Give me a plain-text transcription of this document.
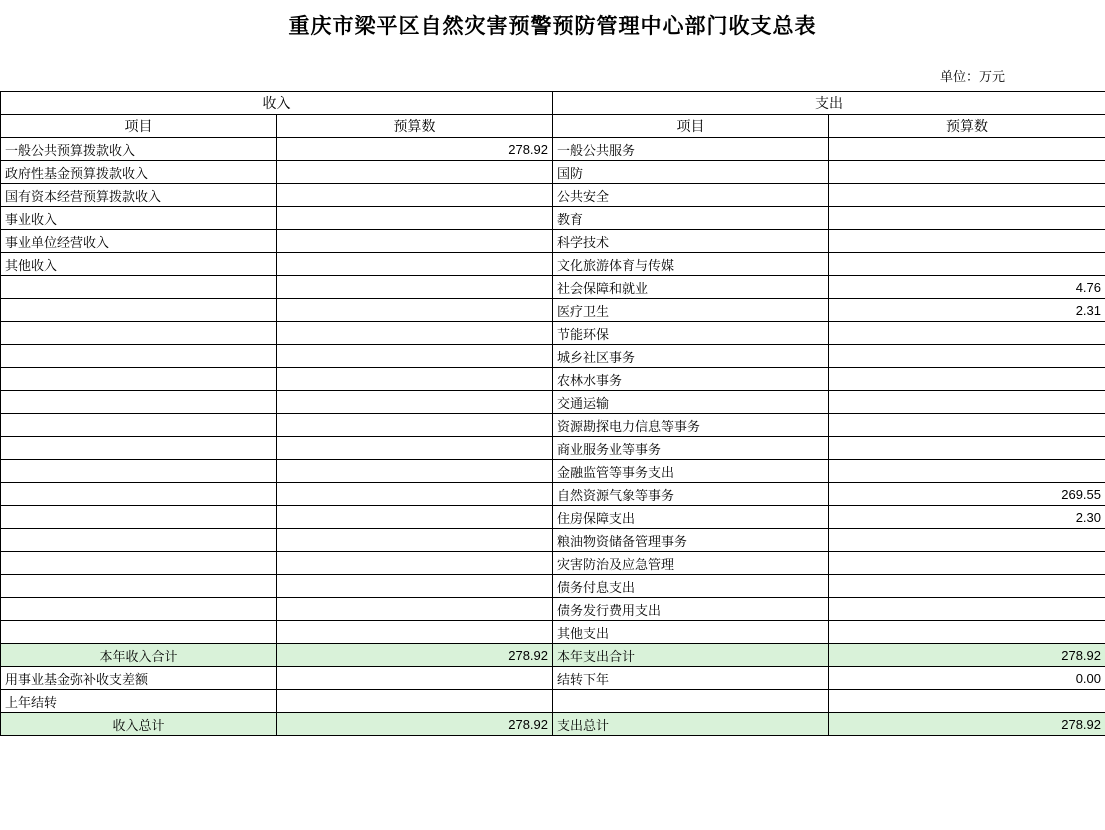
重庆市梁平区自然灾害预警预防管理中心部门收支总表
单位：万元
收入		支出	
项目	预算数	项目	预算数
一般公共预算拨款收入	278.92	一般公共服务	
政府性基金预算拨款收入		国防	
国有资本经营预算拨款收入		公共安全	
事业收入		教育	
事业单位经营收入		科学技术	
其他收入		文化旅游体育与传媒	
		社会保障和就业	4.76
		医疗卫生	2.31
		节能环保	
		城乡社区事务	
		农林水事务	
		交通运输	
		资源勘探电力信息等事务	
		商业服务业等事务	
		金融监管等事务支出	
		自然资源气象等事务	269.55
		住房保障支出	2.30
		粮油物资储备管理事务	
		灾害防治及应急管理	
		债务付息支出	
		债务发行费用支出	
		其他支出	
本年收入合计	278.92	本年支出合计	278.92
用事业基金弥补收支差额		结转下年	0.00
上年结转			
收入总计	278.92	支出总计	278.92
